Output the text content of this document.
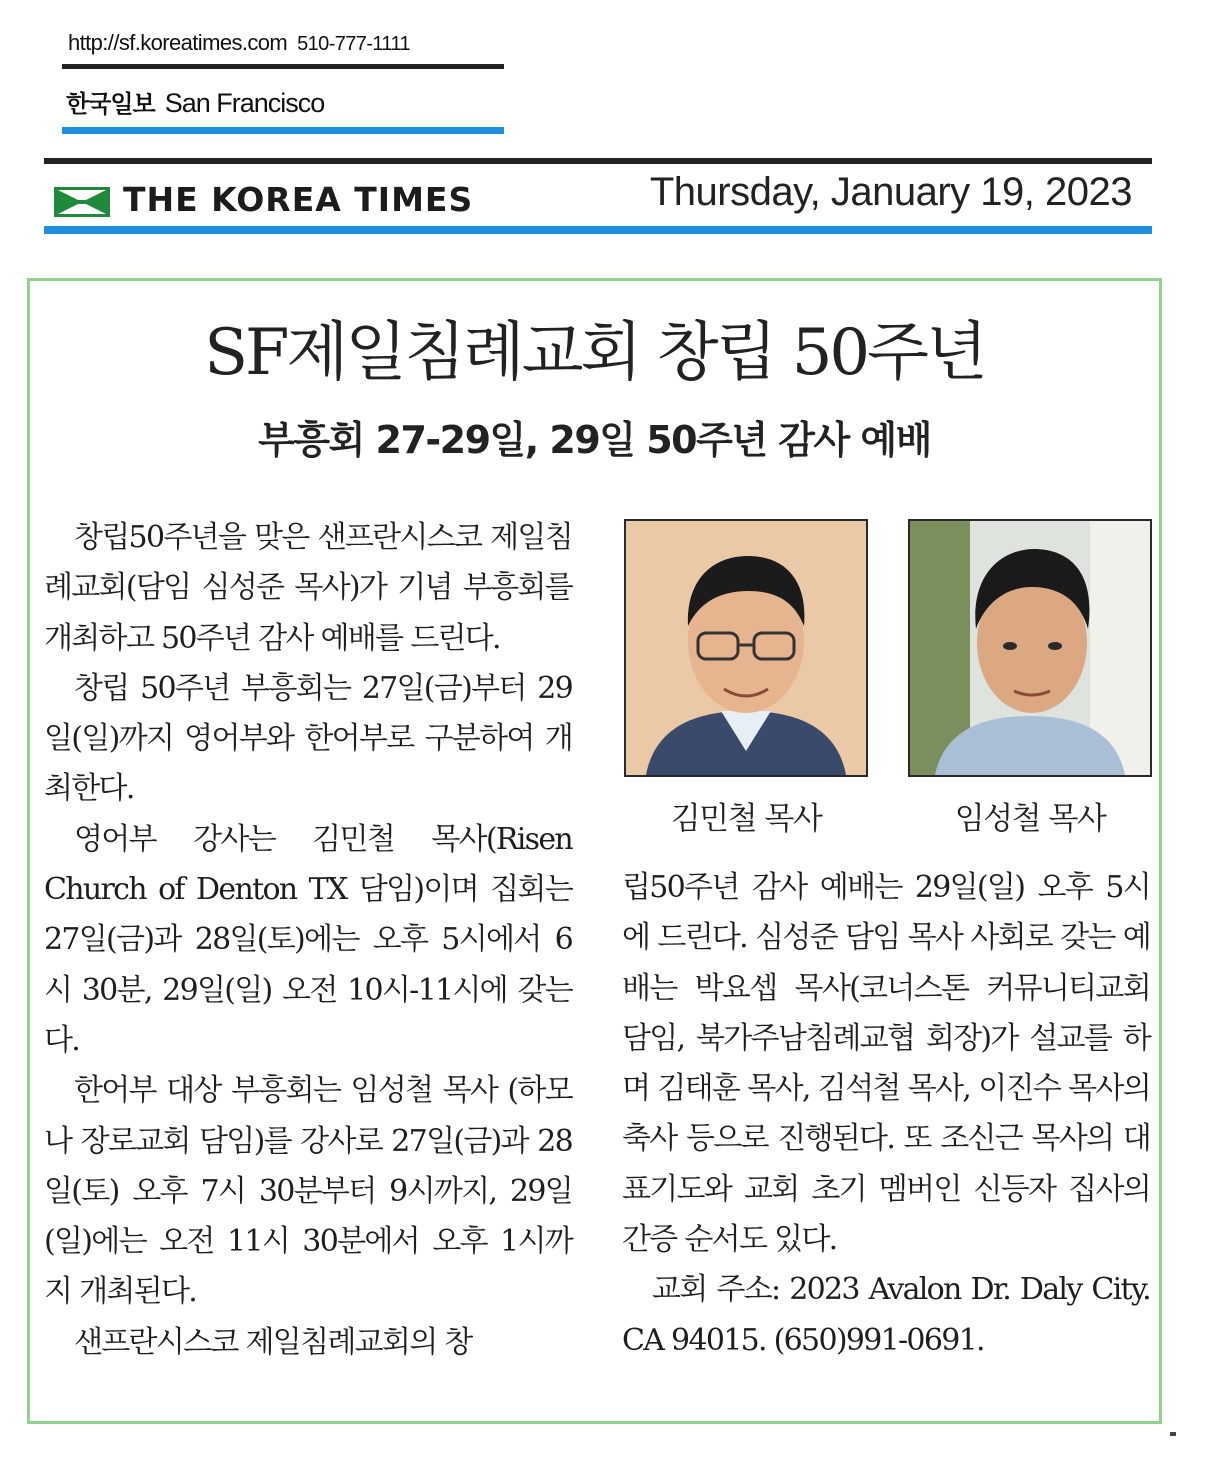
http://sf.koreatimes.com 510-777-1111
한국일보 San Francisco
THE KOREA TIMES	Thursday, January 19, 2023
SF제일침례교회 창립 50주년
부흥회 27-29일, 29일 50주년 감사 예배

창립50주년을 맞은 샌프란시스코 제일침례교회(담임 심성준 목사)가 기념 부흥회를 개최하고 50주년 감사 예배를 드린다.

창립 50주년 부흥회는 27일(금)부터 29일(일)까지 영어부와 한어부로 구분하여 개최한다.

영어부 강사는 김민철 목사(Risen Church of Denton TX 담임)이며 집회는 27일(금)과 28일(토)에는 오후 5시에서 6시 30분, 29일(일) 오전 10시-11시에 갖는다.

한어부 대상 부흥회는 임성철 목사 (하모나 장로교회 담임)를 강사로 27일(금)과 28일(토) 오후 7시 30분부터 9시까지, 29일(일)에는 오전 11시 30분에서 오후 1시까지 개최된다.

샌프란시스코 제일침례교회의 창

김민철 목사	임성철 목사

립50주년 감사 예배는 29일(일) 오후 5시에 드린다. 심성준 담임 목사 사회로 갖는 예배는 박요셉 목사(코너스톤 커뮤니티교회 담임, 북가주남침례교협 회장)가 설교를 하며 김태훈 목사, 김석철 목사, 이진수 목사의 축사 등으로 진행된다. 또 조신근 목사의 대표기도와 교회 초기 멤버인 신등자 집사의 간증 순서도 있다.

교회 주소: 2023 Avalon Dr. Daly City. CA 94015. (650)991-0691.
